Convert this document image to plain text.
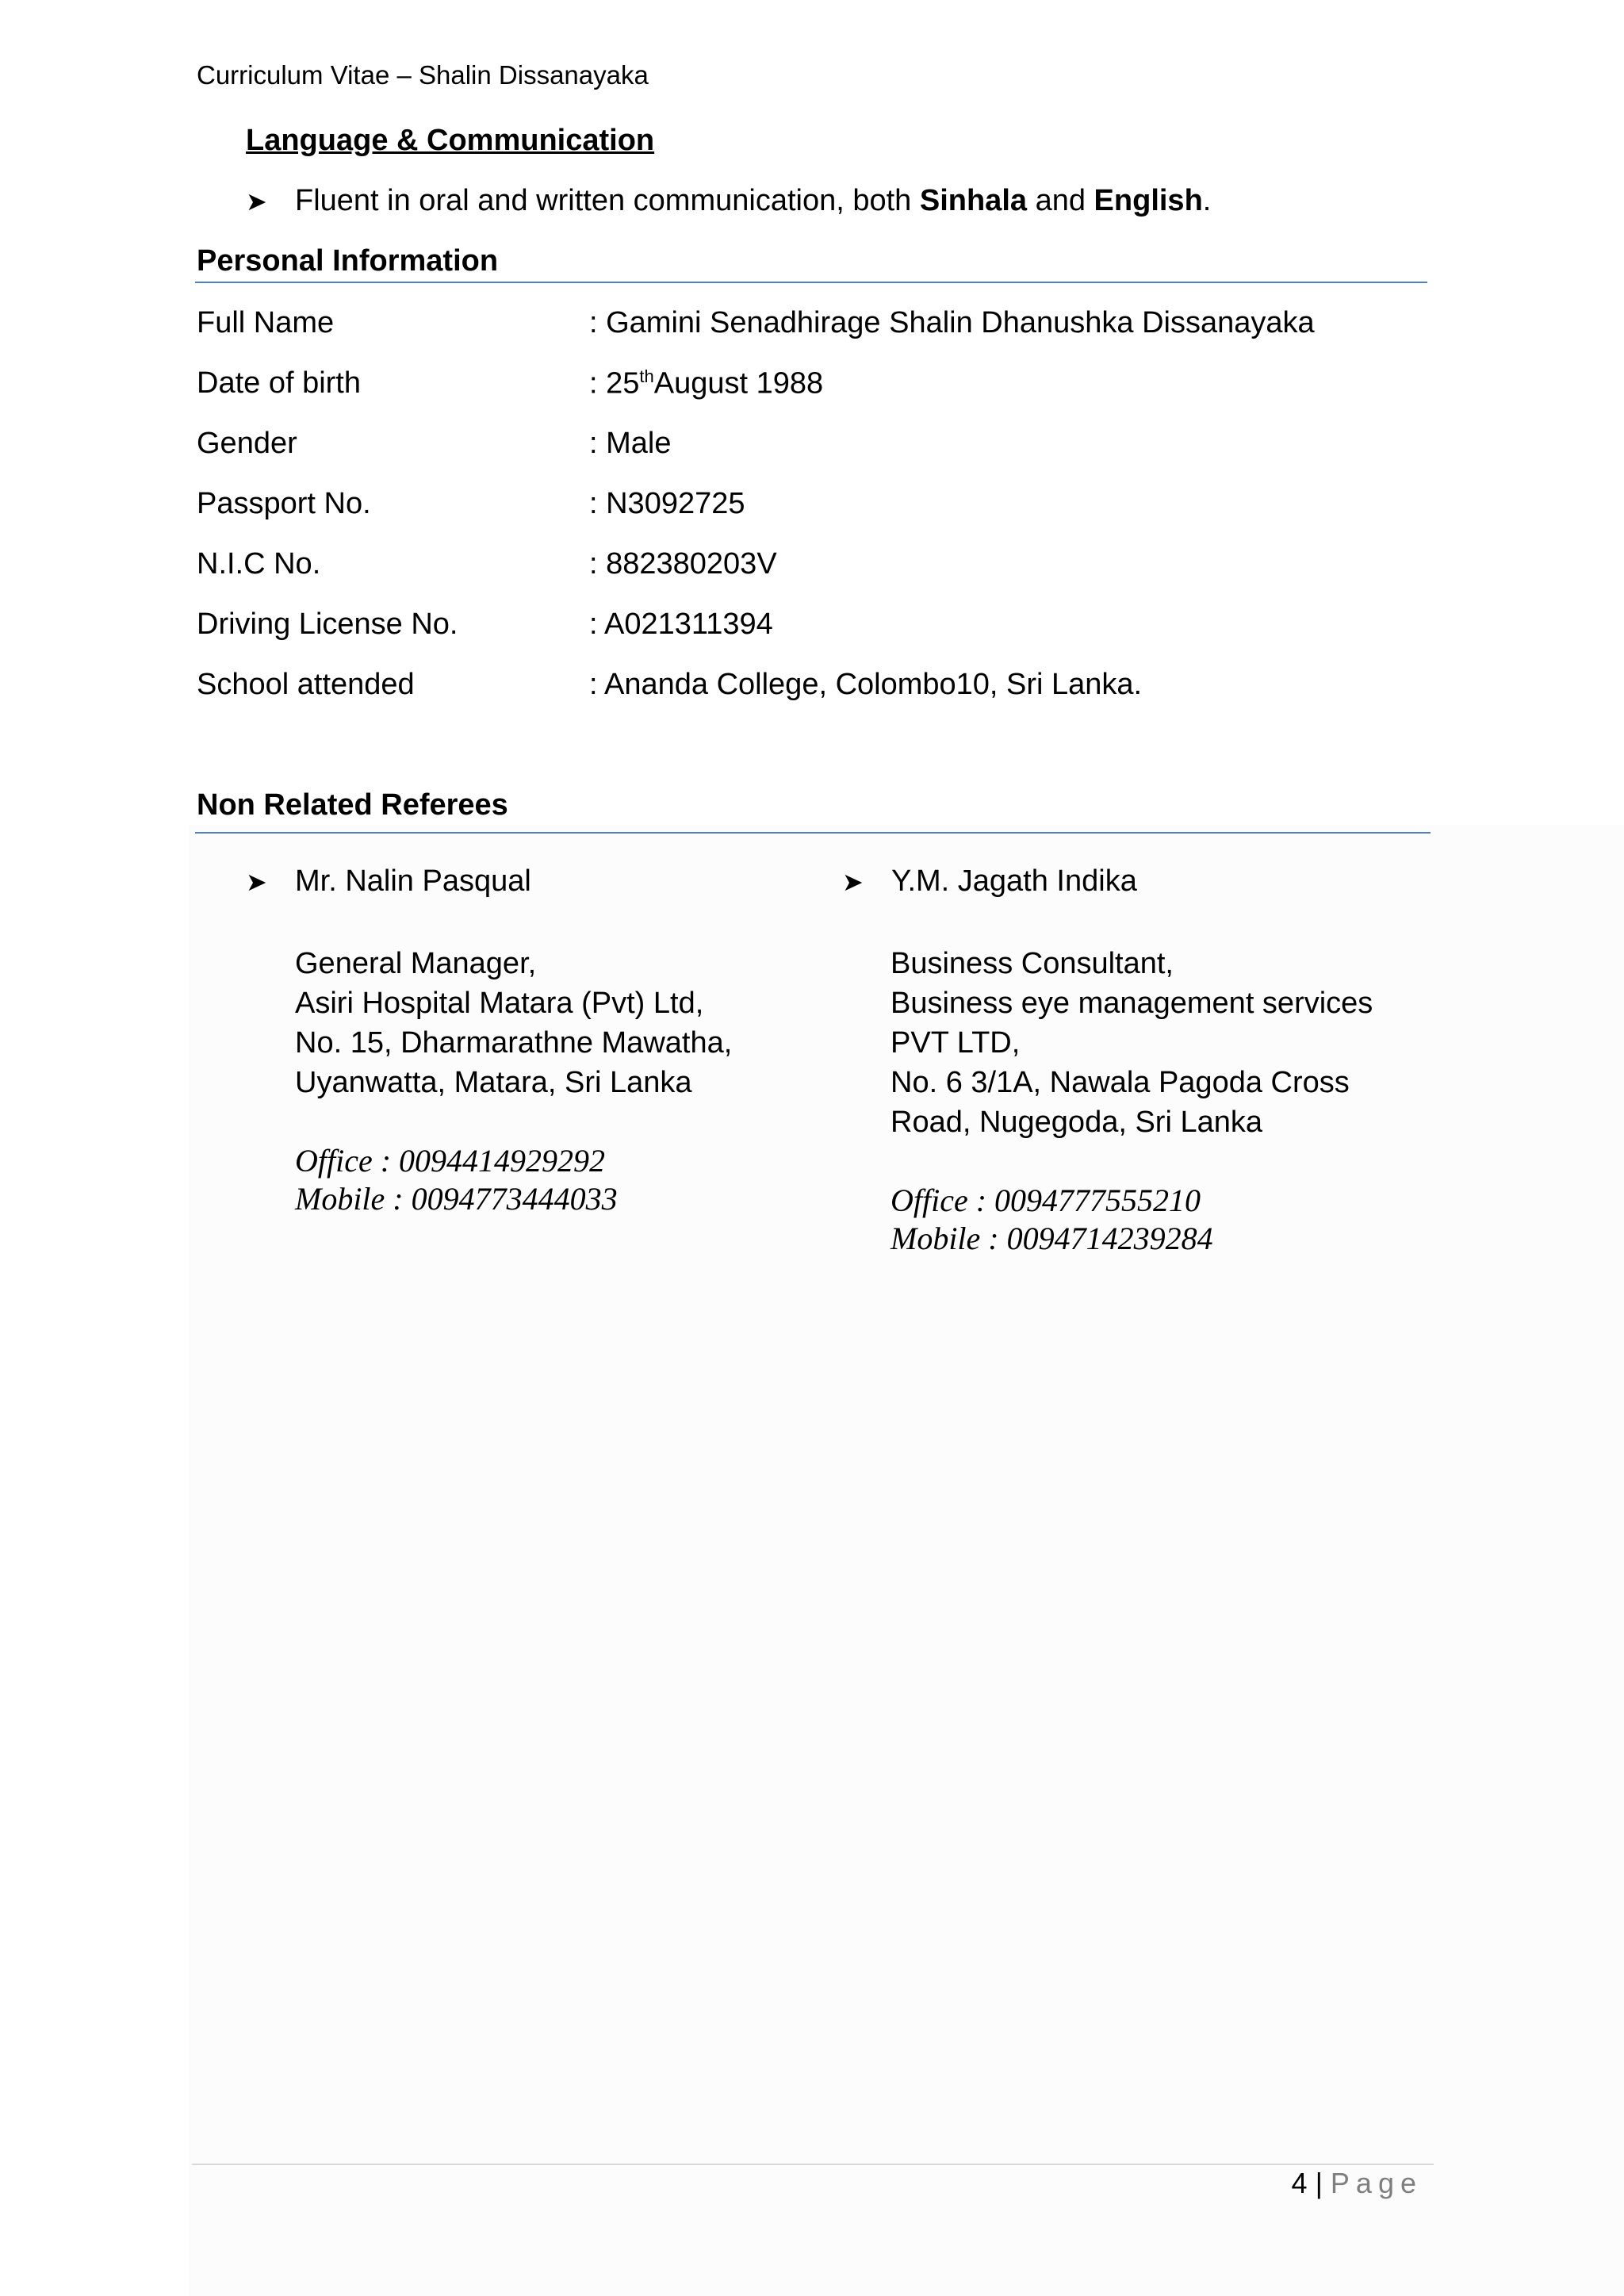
Curriculum Vitae – Shalin Dissanayaka
Language & Communication
➤ Fluent in oral and written communication, both Sinhala and English.
Personal Information
Full Name	: Gamini Senadhirage Shalin Dhanushka Dissanayaka
Date of birth	: 25thAugust 1988
Gender	: Male
Passport No.	: N3092725
N.I.C No.	: 882380203V
Driving License No.	: A021311394
School attended	: Ananda College, Colombo10, Sri Lanka.
Non Related Referees
➤ Mr. Nalin Pasqual
General Manager,
Asiri Hospital Matara (Pvt) Ltd,
No. 15, Dharmarathne Mawatha,
Uyanwatta, Matara, Sri Lanka
Office : 0094414929292
Mobile : 0094773444033
➤ Y.M. Jagath Indika
Business Consultant,
Business eye management services
PVT LTD,
No. 6 3/1A, Nawala Pagoda Cross
Road, Nugegoda, Sri Lanka
Office : 0094777555210
Mobile : 0094714239284
4 | Page
